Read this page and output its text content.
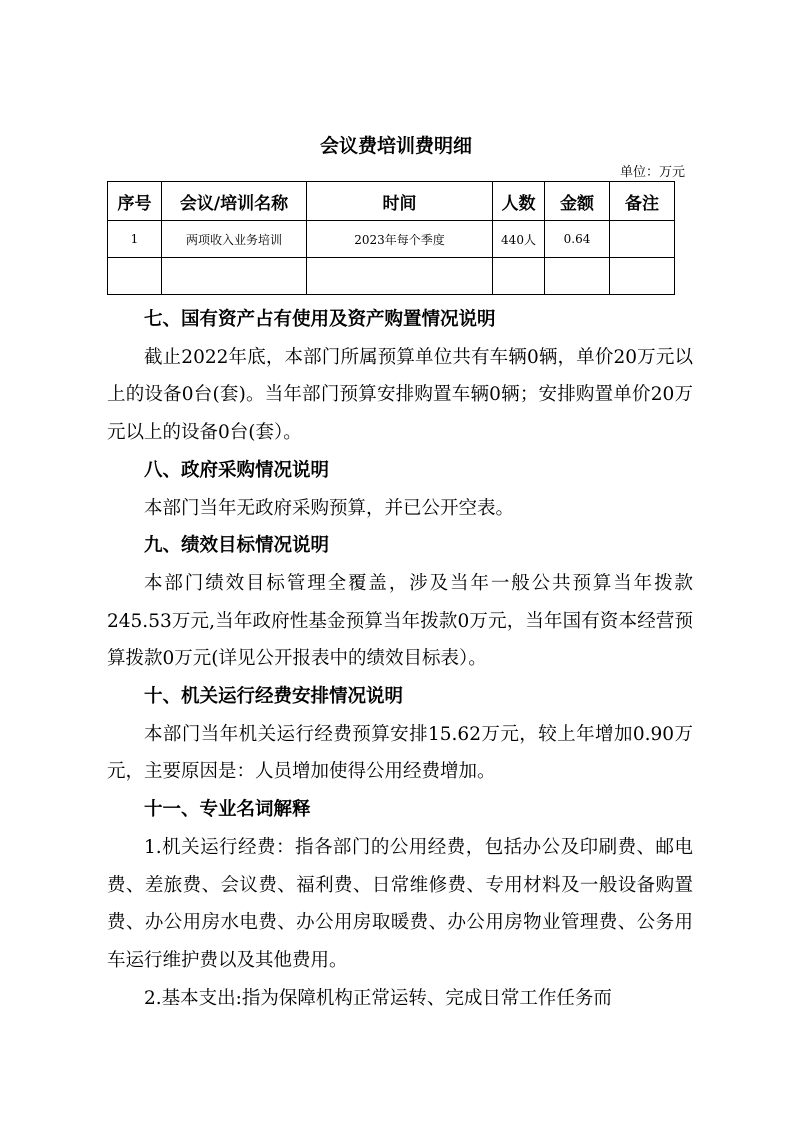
会议费培训费明细
单位：万元
序号	会议/培训名称	时间	人数	金额	备注
1	两项收入业务培训	2023年每个季度	440人	0.64	

七、国有资产占有使用及资产购置情况说明

截止2022年底，本部门所属预算单位共有车辆0辆，单价20万元以上的设备0台(套)。当年部门预算安排购置车辆0辆；安排购置单价20万元以上的设备0台(套）。

八、政府采购情况说明

本部门当年无政府采购预算，并已公开空表。

九、绩效目标情况说明

本部门绩效目标管理全覆盖，涉及当年一般公共预算当年拨款245.53万元,当年政府性基金预算当年拨款0万元，当年国有资本经营预算拨款0万元(详见公开报表中的绩效目标表）。

十、机关运行经费安排情况说明

本部门当年机关运行经费预算安排15.62万元，较上年增加0.90万元，主要原因是：人员增加使得公用经费增加。

十一、专业名词解释

1.机关运行经费：指各部门的公用经费，包括办公及印刷费、邮电费、差旅费、会议费、福利费、日常维修费、专用材料及一般设备购置费、办公用房水电费、办公用房取暖费、办公用房物业管理费、公务用车运行维护费以及其他费用。

2.基本支出:指为保障机构正常运转、完成日常工作任务而
